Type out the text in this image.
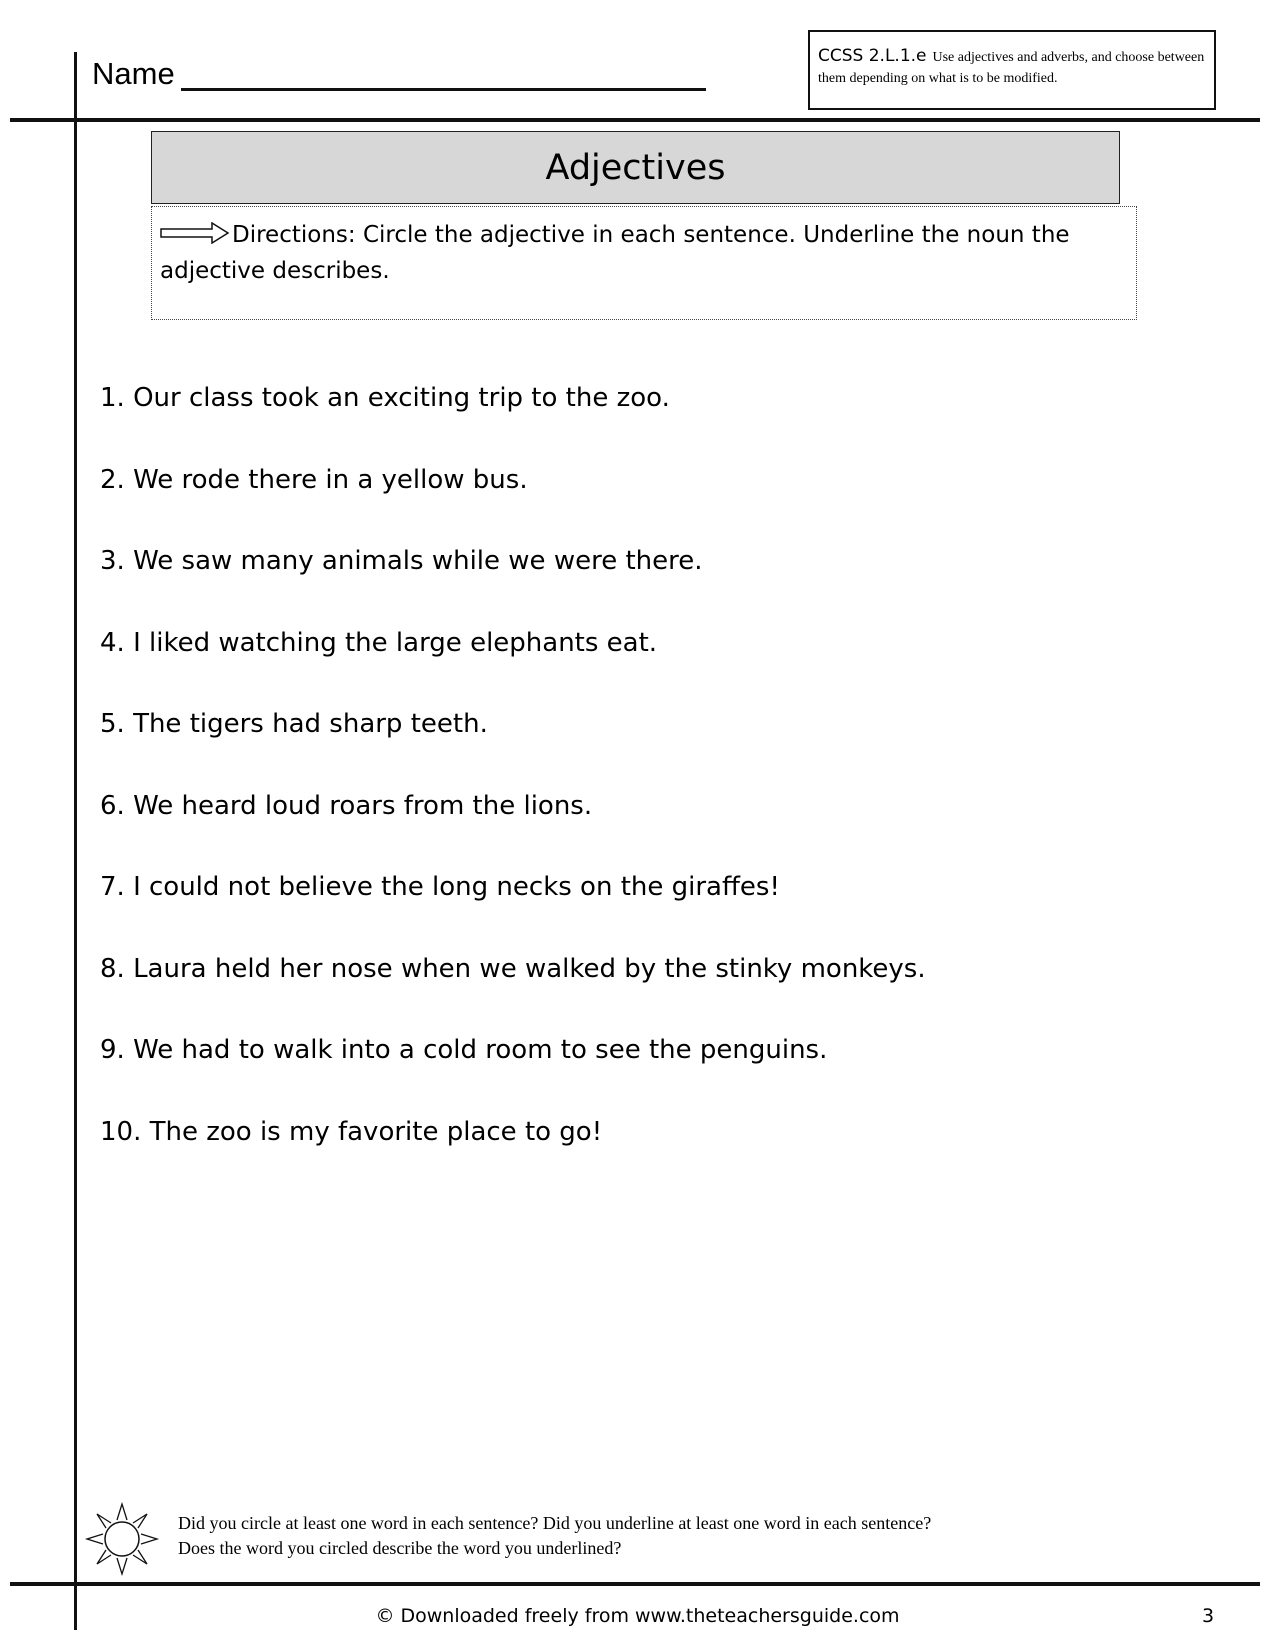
Name	CCSS 2.L.1.e Use adjectives and adverbs, and choose between them depending on what is to be modified.
Adjectives
Directions: Circle the adjective in each sentence. Underline the noun the adjective describes.
1. Our class took an exciting trip to the zoo.
2. We rode there in a yellow bus.
3. We saw many animals while we were there.
4. I liked watching the large elephants eat.
5. The tigers had sharp teeth.
6. We heard loud roars from the lions.
7. I could not believe the long necks on the giraffes!
8. Laura held her nose when we walked by the stinky monkeys.
9. We had to walk into a cold room to see the penguins.
10. The zoo is my favorite place to go!
Did you circle at least one word in each sentence? Did you underline at least one word in each sentence?
Does the word you circled describe the word you underlined?
© Downloaded freely from www.theteachersguide.com	3
